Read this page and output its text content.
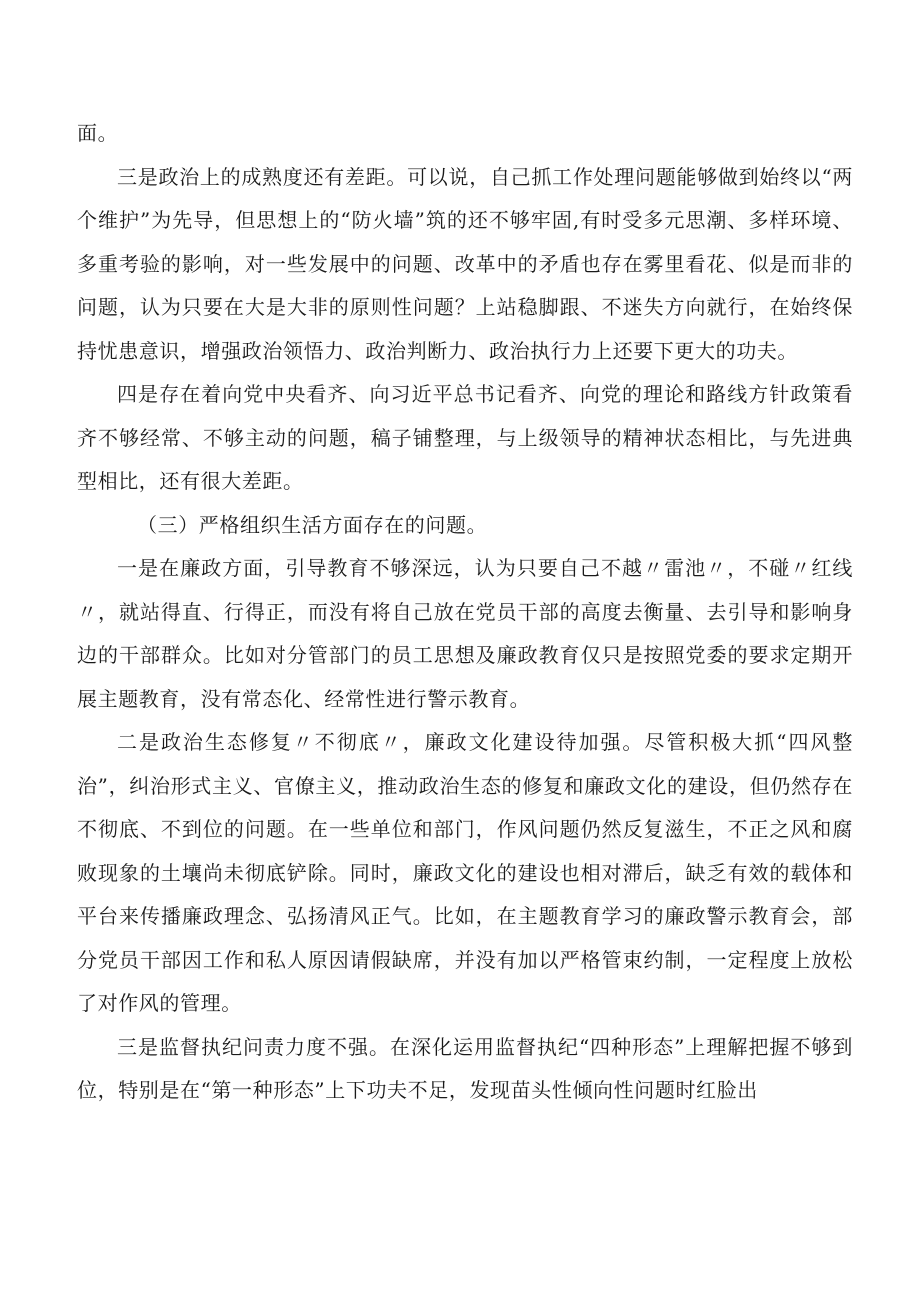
面。

三是政治上的成熟度还有差距。可以说，自己抓工作处理问题能够做到始终以“两个维护”为先导，但思想上的“防火墙”筑的还不够牢固,有时受多元思潮、多样环境、多重考验的影响，对一些发展中的问题、改革中的矛盾也存在雾里看花、似是而非的问题，认为只要在大是大非的原则性问题？上站稳脚跟、不迷失方向就行，在始终保持忧患意识，增强政治领悟力、政治判断力、政治执行力上还要下更大的功夫。

四是存在着向党中央看齐、向习近平总书记看齐、向党的理论和路线方针政策看齐不够经常、不够主动的问题，稿子铺整理，与上级领导的精神状态相比，与先进典型相比，还有很大差距。

（三）严格组织生活方面存在的问题。

一是在廉政方面，引导教育不够深远，认为只要自己不越〃雷池〃，不碰〃红线〃，就站得直、行得正，而没有将自己放在党员干部的高度去衡量、去引导和影响身边的干部群众。比如对分管部门的员工思想及廉政教育仅只是按照党委的要求定期开展主题教育，没有常态化、经常性进行警示教育。

二是政治生态修复〃不彻底〃，廉政文化建设待加强。尽管积极大抓“四风整治”，纠治形式主义、官僚主义，推动政治生态的修复和廉政文化的建设，但仍然存在不彻底、不到位的问题。在一些单位和部门，作风问题仍然反复滋生，不正之风和腐败现象的土壤尚未彻底铲除。同时，廉政文化的建设也相对滞后，缺乏有效的载体和平台来传播廉政理念、弘扬清风正气。比如，在主题教育学习的廉政警示教育会，部分党员干部因工作和私人原因请假缺席，并没有加以严格管束约制，一定程度上放松了对作风的管理。

三是监督执纪问责力度不强。在深化运用监督执纪“四种形态”上理解把握不够到位，特别是在“第一种形态”上下功夫不足，发现苗头性倾向性问题时红脸出
